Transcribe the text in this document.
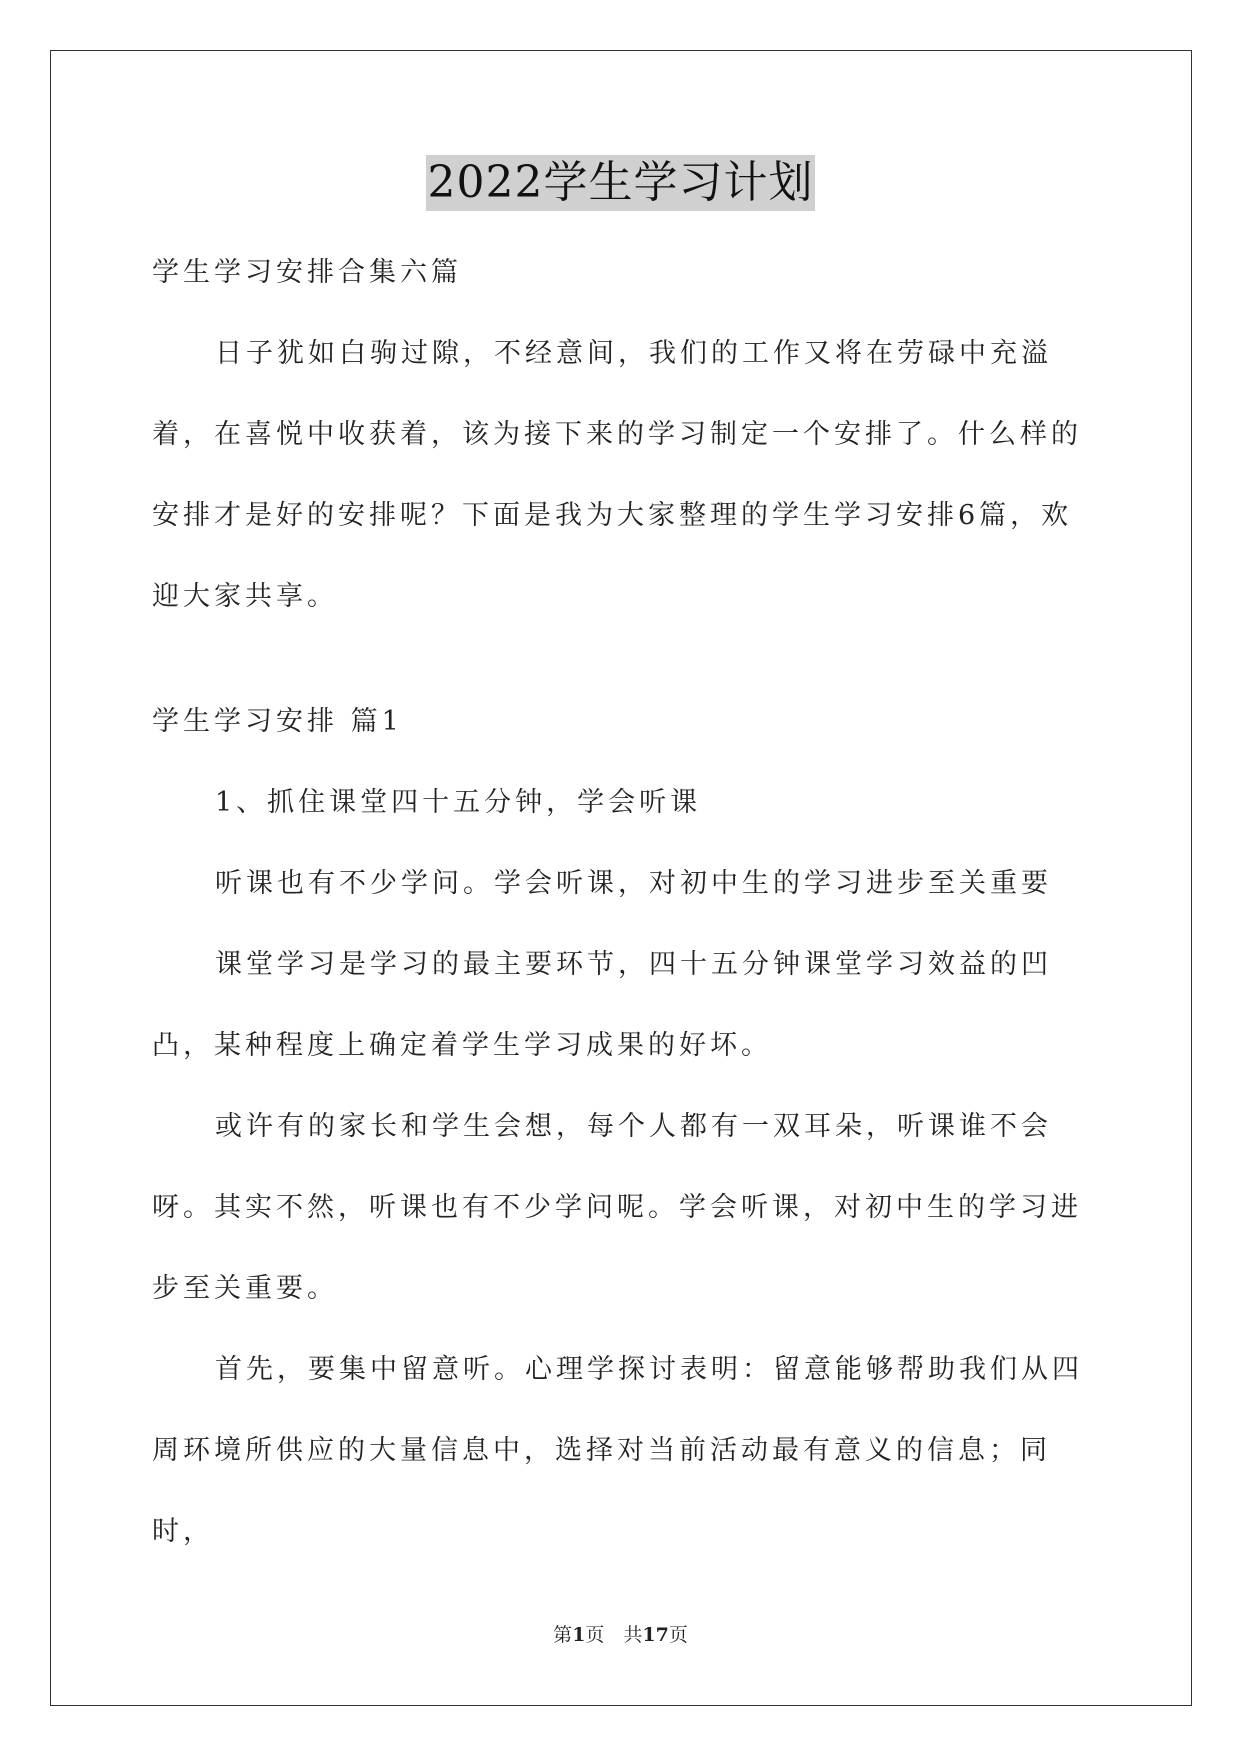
2022学生学习计划

学生学习安排合集六篇

日子犹如白驹过隙，不经意间，我们的工作又将在劳碌中充溢着，在喜悦中收获着，该为接下来的学习制定一个安排了。什么样的安排才是好的安排呢？下面是我为大家整理的学生学习安排6篇，欢迎大家共享。

学生学习安排 篇1

1、抓住课堂四十五分钟，学会听课

听课也有不少学问。学会听课，对初中生的学习进步至关重要

课堂学习是学习的最主要环节，四十五分钟课堂学习效益的凹凸，某种程度上确定着学生学习成果的好坏。

或许有的家长和学生会想，每个人都有一双耳朵，听课谁不会呀。其实不然，听课也有不少学问呢。学会听课，对初中生的学习进步至关重要。

首先，要集中留意听。心理学探讨表明：留意能够帮助我们从四周环境所供应的大量信息中，选择对当前活动最有意义的信息；同时，

第1页　共17页
